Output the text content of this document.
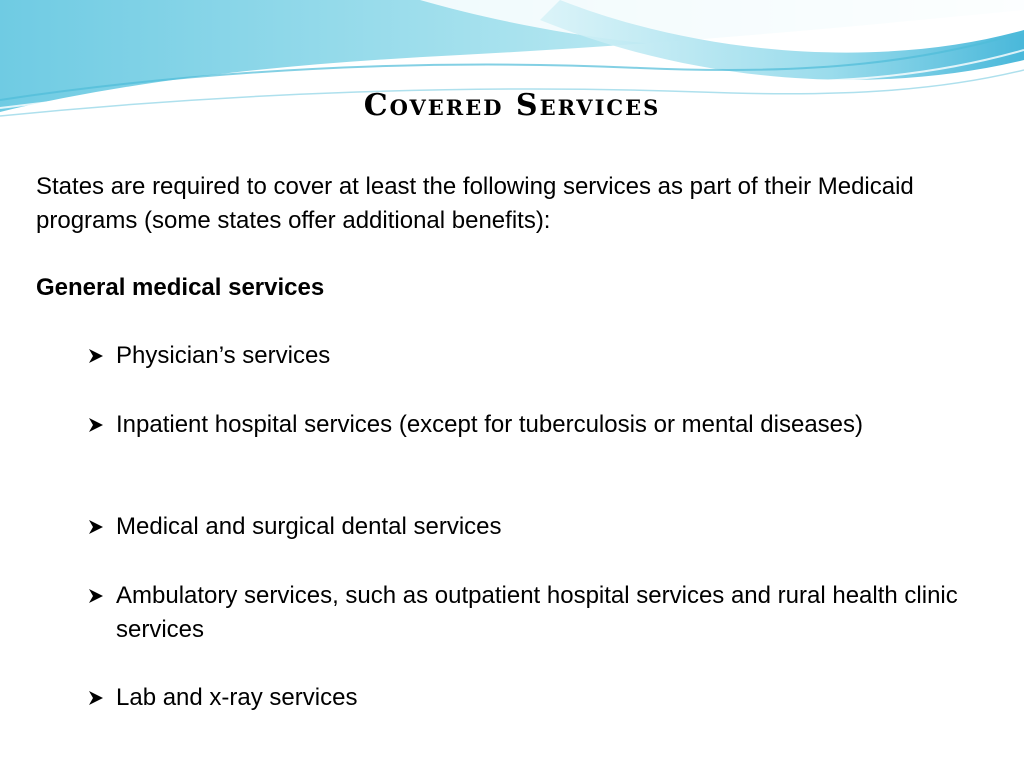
Covered Services

States are required to cover at least the following services as part of their Medicaid programs (some states offer additional benefits):

General medical services

Physician’s services
Inpatient hospital services (except for tuberculosis or mental diseases)
Medical and surgical dental services
Ambulatory services, such as outpatient hospital services and rural health clinic services
Lab and x-ray services
